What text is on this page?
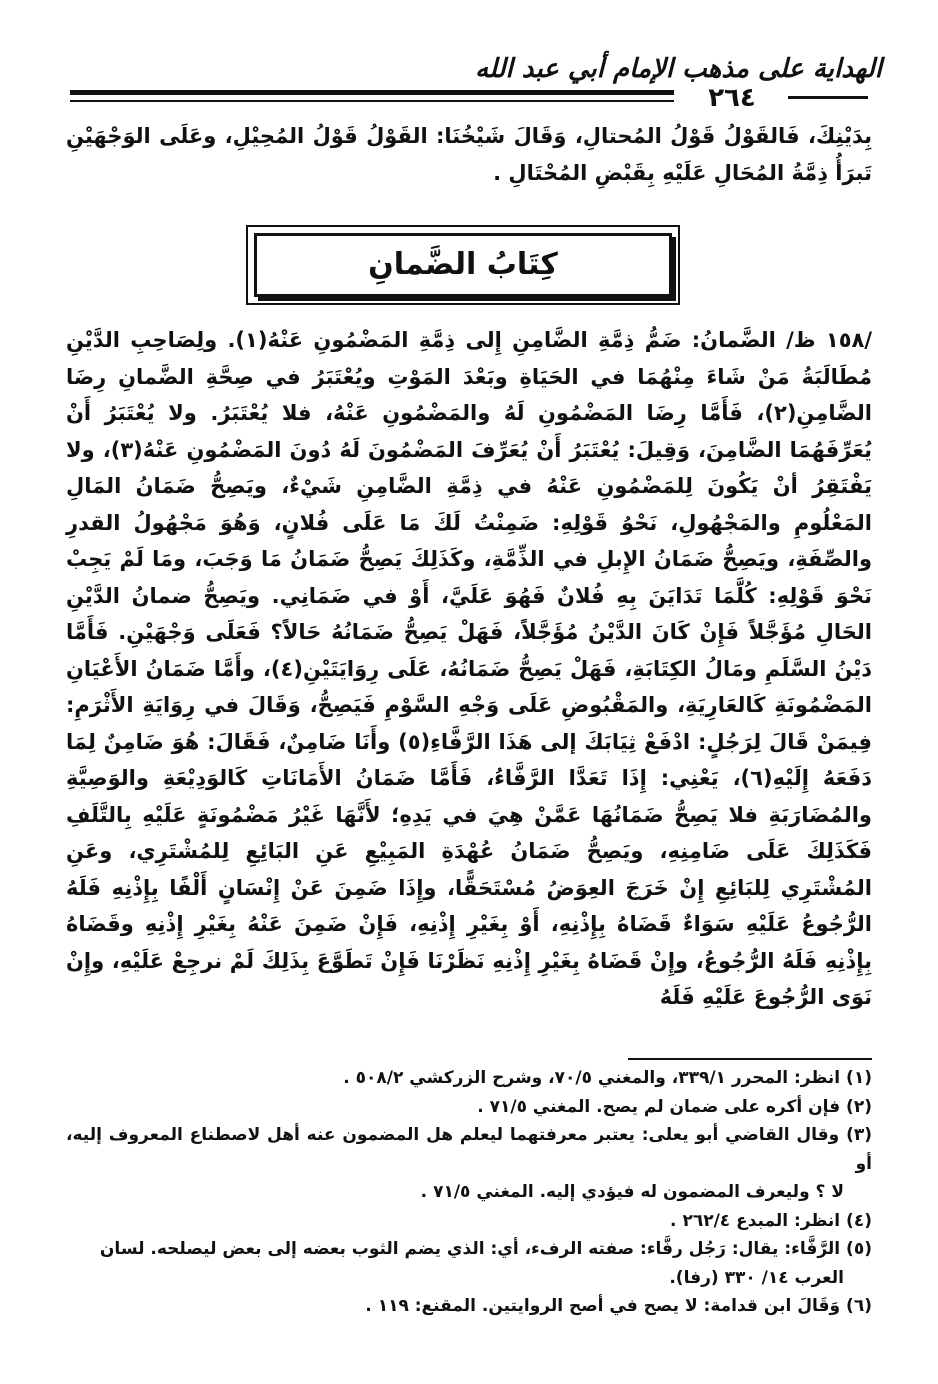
الهداية على مذهب الإمام أبي عبد الله
٢٦٤
بِدَيْنِكَ، فَالقَوْلُ قَوْلُ المُحتالِ، وَقَالَ شَيْخُنَا: القَوْلُ قَوْلُ المُحِيْلِ، وعَلَى الوَجْهَيْنِ تَبرَأُ ذِمَّةُ المُحَالِ عَلَيْهِ بِقَبْضِ المُحْتَالِ .
كِتَابُ الضَّمانِ
/١٥٨ ظ/ الضَّمانُ: ضَمُّ ذِمَّةِ الضَّامِنِ إِلى ذِمَّةِ المَضْمُونِ عَنْهُ(١). ولِصَاحِبِ الدَّيْنِ مُطَالَبَةُ مَنْ شَاءَ مِنْهُمَا في الحَيَاةِ وبَعْدَ المَوْتِ ويُعْتَبَرُ في صِحَّةِ الضَّمانِ رِضَا الضَّامِنِ(٢)، فَأَمَّا رِضَا المَضْمُونِ لَهُ والمَضْمُونِ عَنْهُ، فلا يُعْتَبَرُ. ولا يُعْتَبَرُ أَنْ يُعَرِّفَهُمَا الضَّامِنَ، وَقِيلَ: يُعْتَبَرُ أَنْ يُعَرِّفَ المَضْمُونَ لَهُ دُونَ المَضْمُونِ عَنْهُ(٣)، ولا يَفْتَقِرُ أنْ يَكُونَ لِلمَضْمُونِ عَنْهُ في ذِمَّةِ الضَّامِنِ شَيْءٌ، ويَصِحُّ ضَمَانُ المَالِ المَعْلُومِ والمَجْهُولِ، نَحْوُ قَوْلِهِ: ضَمِنْتُ لَكَ مَا عَلَى فُلانٍ، وَهُوَ مَجْهُولُ القدرِ والصِّفَةِ، ويَصِحُّ ضَمَانُ الإِبلِ في الذِّمَّةِ، وكَذَلِكَ يَصِحُّ ضَمَانُ مَا وَجَبَ، ومَا لَمْ يَجِبْ نَحْوَ قَوْلِهِ: كُلَّمَا تَدَايَنَ بِهِ فُلانٌ فَهُوَ عَلَيَّ، أَوْ في ضَمَانِي. ويَصِحُّ ضمانُ الدَّيْنِ الحَالِ مُؤَجَّلاً فَإِنْ كَانَ الدَّيْنُ مُؤَجَّلاً، فَهَلْ يَصِحُّ ضَمَانُهُ حَالاً؟ فَعَلَى وَجْهَيْنِ. فَأَمَّا دَيْنُ السَّلَمِ ومَالُ الكِتَابَةِ، فَهَلْ يَصِحُّ ضَمَانُهُ، عَلَى رِوَايَتَيْنِ(٤)، وأَمَّا ضَمَانُ الأَعْيَانِ المَضْمُونَةِ كَالعَارِيَةِ، والمَقْبُوضِ عَلَى وَجْهِ السَّوْمِ فَيَصِحُّ، وَقَالَ في رِوَايَةِ الأَثْرَمِ: فِيمَنْ قَالَ لِرَجُلٍ: ادْفَعْ ثِيَابَكَ إلى هَذَا الرَّفَّاءِ(٥) وأَنَا ضَامِنٌ، فَقَالَ: هُوَ ضَامِنٌ لِمَا دَفَعَهُ إِلَيْهِ(٦)، يَعْنِي: إِذَا تَعَدَّا الرَّفَّاءُ، فَأَمَّا ضَمَانُ الأَمَانَاتِ كَالوَدِيْعَةِ والوَصِيَّةِ والمُضَارَبَةِ فلا يَصِحُّ ضَمَانُهَا عَمَّنْ هِيَ في يَدِهِ؛ لأَنَّهَا غَيْرُ مَضْمُونَةٍ عَلَيْهِ بِالتَّلَفِ فَكَذَلِكَ عَلَى ضَامِنِهِ، ويَصِحُّ ضَمَانُ عُهْدَةِ المَبِيْعِ عَنِ البَائِعِ لِلمُشْتَرِي، وعَنِ المُشْتَرِي لِلبَائِعِ إِنْ خَرَجَ العِوَضُ مُسْتَحَقًّا، وإِذَا ضَمِنَ عَنْ إِنْسَانٍ أَلْفًا بِإِذْنِهِ فَلَهُ الرُّجُوعُ عَلَيْهِ سَوَاءٌ قَضَاهُ بِإِذْنِهِ، أَوْ بِغَيْرِ إِذْنِهِ، فَإِنْ ضَمِنَ عَنْهُ بِغَيْرِ إِذْنِهِ وقَضَاهُ بِإِذْنِهِ فَلَهُ الرُّجُوعُ، وإِنْ قَضَاهُ بِغَيْرِ إِذْنِهِ نَظَرْنَا فَإِنْ تَطَوَّعَ بِذَلِكَ لَمْ نرجِعْ عَلَيْهِ، وإِنْ نَوَى الرُّجُوعَ عَلَيْهِ فَلَهُ
(١) انظر: المحرر ٣٣٩/١، والمغني ٧٠/٥، وشرح الزركشي ٥٠٨/٢ .
(٢) فإن أكره على ضمان لم يصح. المغني ٧١/٥ .
(٣) وقال القاضي أبو يعلى: يعتبر معرفتهما ليعلم هل المضمون عنه أهل لاصطناع المعروف إليه، أو
لا ؟ وليعرف المضمون له فيؤدي إليه. المغني ٧١/٥ .
(٤) انظر: المبدع ٢٦٢/٤ .
(٥) الرَّفَّاء: يقال: رَجُل رفَّاء: صفته الرفء، أي: الذي يضم الثوب بعضه إلى بعض ليصلحه. لسان
العرب ١٤/ ٣٣٠ (رفا).
(٦) وَقَالَ ابن قدامة: لا يصح في أصح الروايتين. المقنع: ١١٩ .
